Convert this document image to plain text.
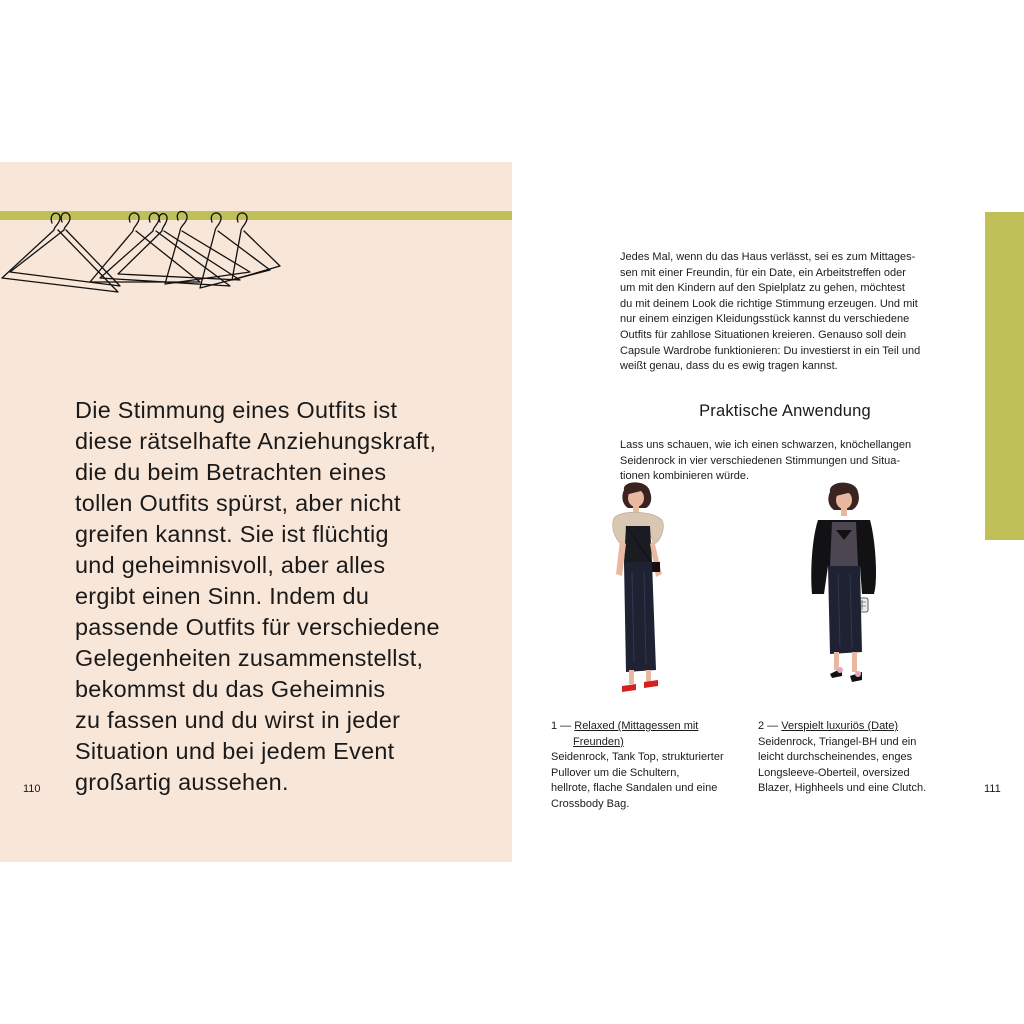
Die Stimmung eines Outfits ist
diese rätselhafte Anziehungskraft,
die du beim Betrachten eines
tollen Outfits spürst, aber nicht
greifen kannst. Sie ist flüchtig
und geheimnisvoll, aber alles
ergibt einen Sinn. Indem du
passende Outfits für verschiedene
Gelegenheiten zusammenstellst,
bekommst du das Geheimnis
zu fassen und du wirst in jeder
Situation und bei jedem Event
großartig aussehen.

110

Jedes Mal, wenn du das Haus verlässt, sei es zum Mittages-
sen mit einer Freundin, für ein Date, ein Arbeitstreffen oder
um mit den Kindern auf den Spielplatz zu gehen, möchtest
du mit deinem Look die richtige Stimmung erzeugen. Und mit
nur einem einzigen Kleidungsstück kannst du verschiedene
Outfits für zahllose Situationen kreieren. Genauso soll dein
Capsule Wardrobe funktionieren: Du investierst in ein Teil und
weißt genau, dass du es ewig tragen kannst.

Praktische Anwendung

Lass uns schauen, wie ich einen schwarzen, knöchellangen
Seidenrock in vier verschiedenen Stimmungen und Situa-
tionen kombinieren würde.

1 — Relaxed (Mittagessen mit
Freunden)
Seidenrock, Tank Top, strukturierter
Pullover um die Schultern,
hellrote, flache Sandalen und eine
Crossbody Bag.
2 — Verspielt luxuriös (Date)
Seidenrock, Triangel-BH und ein
leicht durchscheinendes, enges
Longsleeve-Oberteil, oversized
Blazer, Highheels und eine Clutch.	111
